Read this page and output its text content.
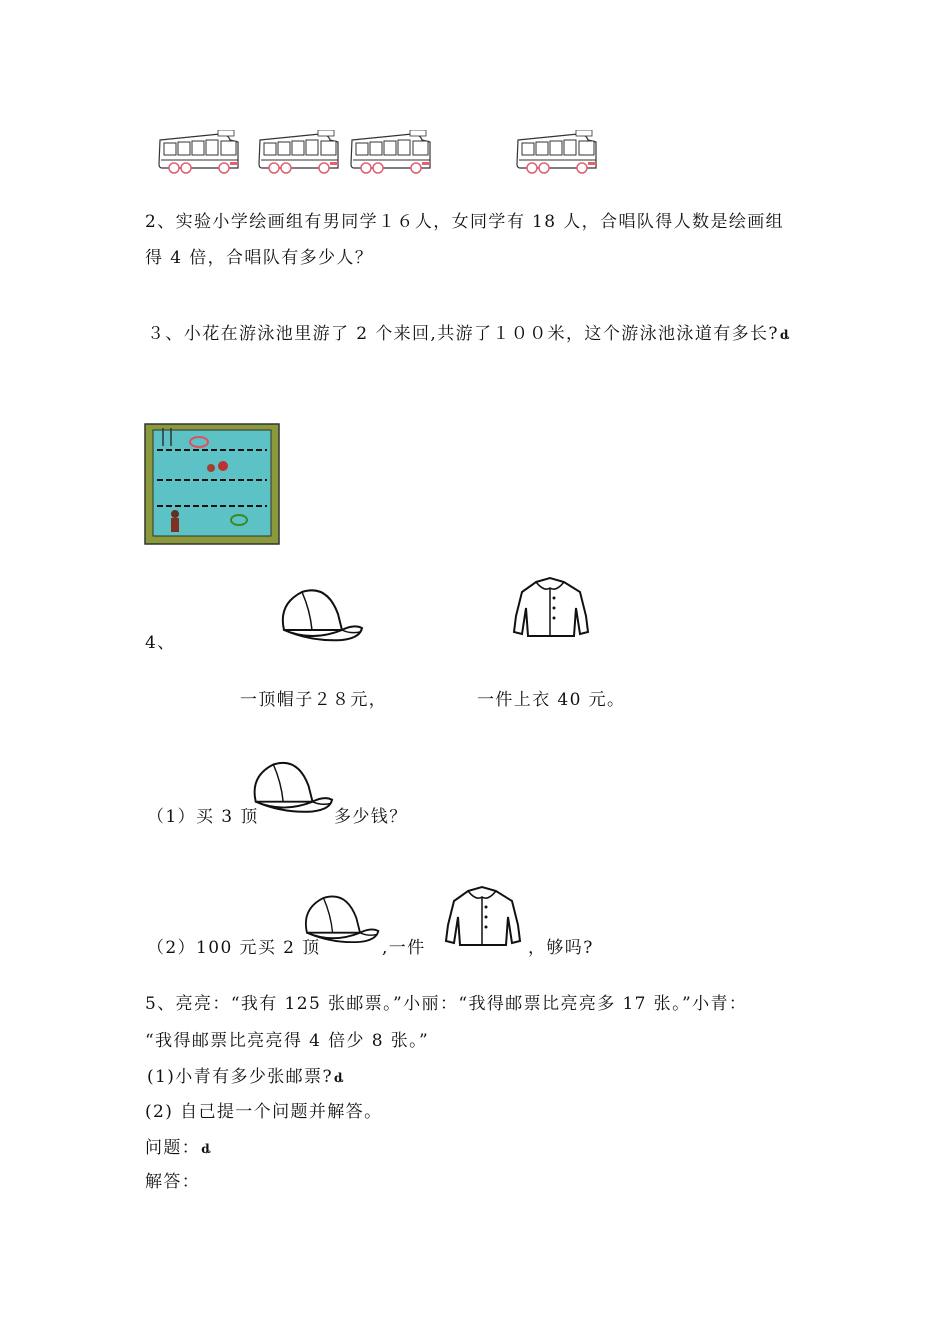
2、实验小学绘画组有男同学１６人，女同学有 18 人，合唱队得人数是绘画组
得 4 倍，合唱队有多少人？
３、小花在游泳池里游了 2 个来回,共游了１００米，这个游泳池泳道有多长?ȡ
4、
一顶帽子２８元，	一件上衣 40 元。
（1）买 3 顶	多少钱？
（2）100 元买 2 顶	,一件	，够吗?
5、亮亮：“我有 125 张邮票。”小丽：“我得邮票比亮亮多 17 张。”小青：
“我得邮票比亮亮得 4 倍少 8 张。”
(1)小青有多少张邮票?ȡ
(2) 自己提一个问题并解答。
问题：ȡ
解答：
